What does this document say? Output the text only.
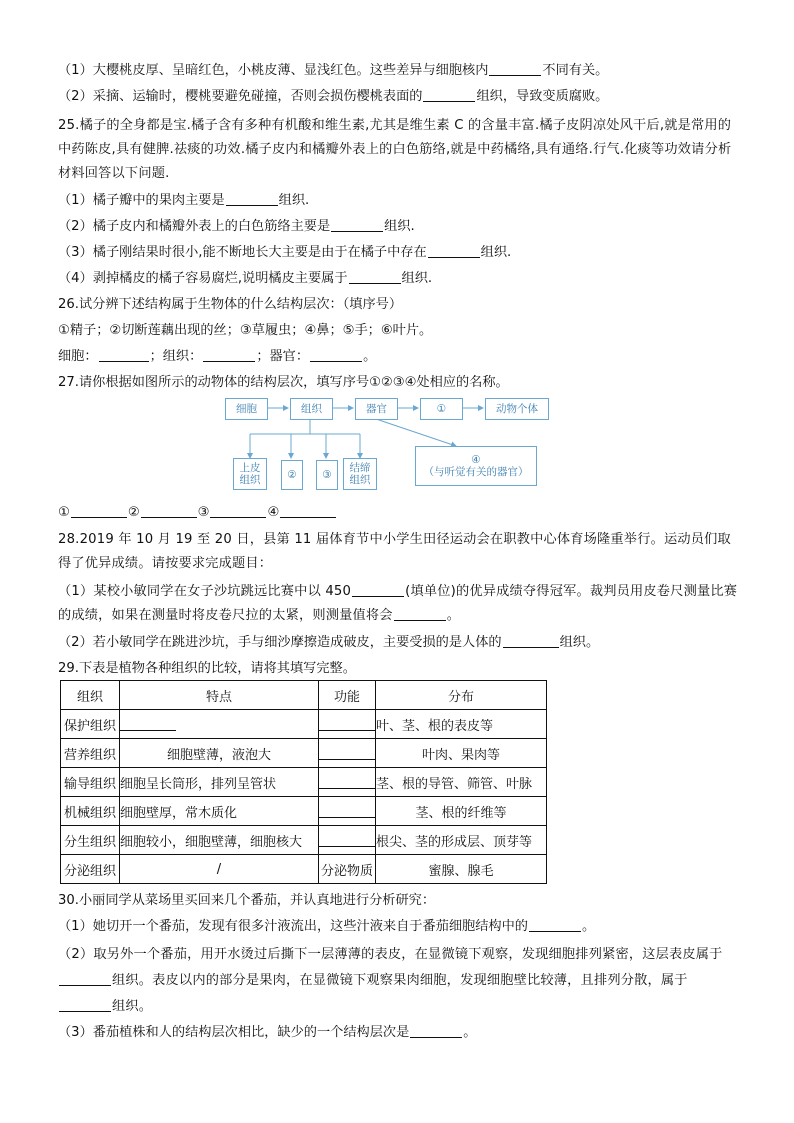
（1）大樱桃皮厚、呈暗红色，小桃皮薄、显浅红色。这些差异与细胞核内	不同有关。
（2）采摘、运输时，樱桃要避免碰撞，否则会损伤樱桃表面的	组织，导致变质腐败。
25.橘子的全身都是宝.橘子含有多种有机酸和维生素,尤其是维生素 C 的含量丰富.橘子皮阴凉处风干后,就是常用的中药陈皮,具有健脾.祛痰的功效.橘子皮内和橘瓣外表上的白色筋络,就是中药橘络,具有通络.行气.化痰等功效请分析材料回答以下问题.
（1）橘子瓣中的果肉主要是	组织.
（2）橘子皮内和橘瓣外表上的白色筋络主要是	组织.
（3）橘子刚结果时很小,能不断地长大主要是由于在橘子中存在	组织.
（4）剥掉橘皮的橘子容易腐烂,说明橘皮主要属于	组织.
26.试分辨下述结构属于生物体的什么结构层次：（填序号）
①精子；②切断莲藕出现的丝；③草履虫；④鼻；⑤手；⑥叶片。
细胞：	；组织：	；器官：	。
27.请你根据如图所示的动物体的结构层次，填写序号①②③④处相应的名称。
细胞	组织	器官	①	动物个体
上皮组织	②	③
结缔组织
④
（与听觉有关的器官）
①	②	③	④
28.2019 年 10 月 19 至 20 日，县第 11 届体育节中小学生田径运动会在职教中心体育场隆重举行。运动员们取得了优异成绩。请按要求完成题目：
（1）某校小敏同学在女子沙坑跳远比赛中以 450	(填单位)的优异成绩夺得冠军。裁判员用皮卷尺测量比赛的成绩，如果在测量时将皮卷尺拉的太紧，则测量值将会	。
（2）若小敏同学在跳进沙坑，手与细沙摩擦造成破皮，主要受损的是人体的	组织。
29.下表是植物各种组织的比较，请将其填写完整。
组织	特点	功能	分布
保护组织			叶、茎、根的表皮等
营养组织	细胞壁薄，液泡大		叶肉、果肉等
输导组织	细胞呈长筒形，排列呈管状		茎、根的导管、筛管、叶脉
机械组织	细胞壁厚，常木质化		茎、根的纤维等
分生组织	细胞较小，细胞壁薄，细胞核大		根尖、茎的形成层、顶芽等
分泌组织	/	分泌物质	蜜腺、腺毛
30.小丽同学从菜场里买回来几个番茄，并认真地进行分析研究：
（1）她切开一个番茄，发现有很多汁液流出，这些汁液来自于番茄细胞结构中的	。
（2）取另外一个番茄，用开水烫过后撕下一层薄薄的表皮，在显微镜下观察，发现细胞排列紧密，这层表皮属于组织。表皮以内的部分是果肉，在显微镜下观察果肉细胞，发现细胞壁比较薄，且排列分散，属于组织。
（3）番茄植株和人的结构层次相比，缺少的一个结构层次是	。
